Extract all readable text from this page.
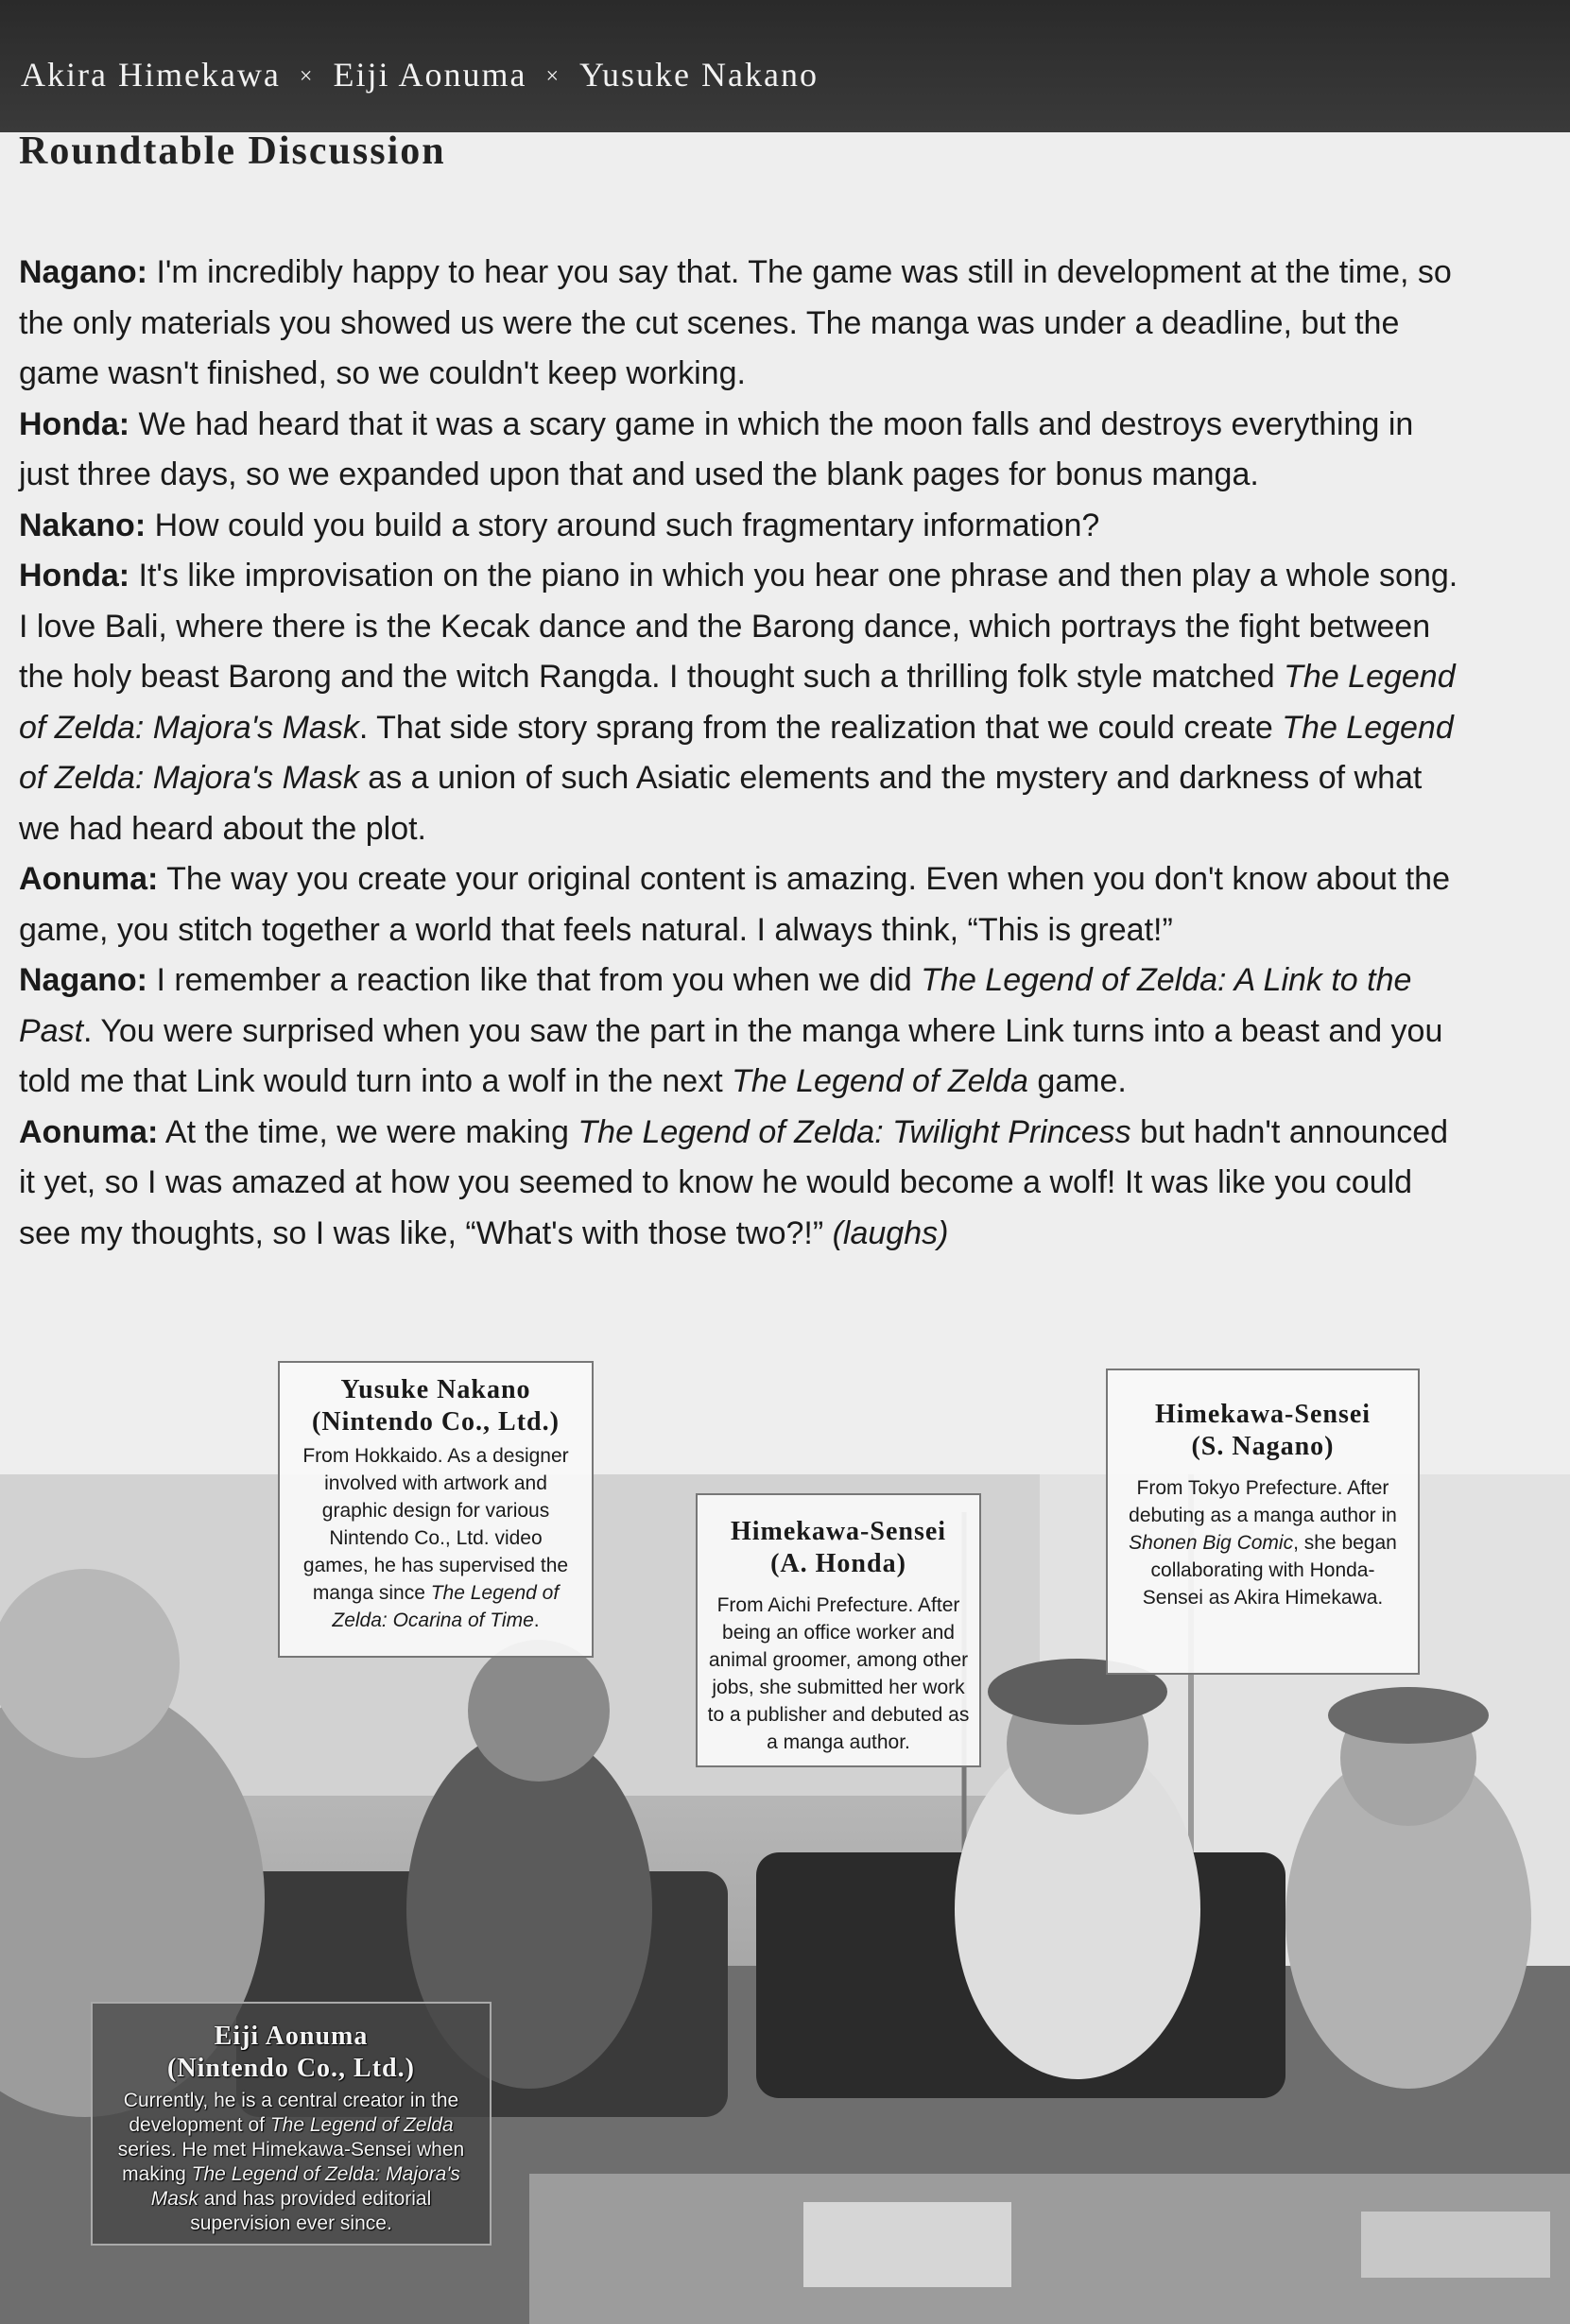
Akira Himekawa × Eiji Aonuma × Yusuke Nakano
Roundtable Discussion

Nagano: I'm incredibly happy to hear you say that. The game was still in development at the time, so the only materials you showed us were the cut scenes. The manga was under a deadline, but the game wasn't finished, so we couldn't keep working.

Honda: We had heard that it was a scary game in which the moon falls and destroys everything in just three days, so we expanded upon that and used the blank pages for bonus manga.

Nakano: How could you build a story around such fragmentary information?

Honda: It's like improvisation on the piano in which you hear one phrase and then play a whole song. I love Bali, where there is the Kecak dance and the Barong dance, which portrays the fight between the holy beast Barong and the witch Rangda. I thought such a thrilling folk style matched The Legend of Zelda: Majora's Mask. That side story sprang from the realization that we could create The Legend of Zelda: Majora's Mask as a union of such Asiatic elements and the mystery and darkness of what we had heard about the plot.

Aonuma: The way you create your original content is amazing. Even when you don't know about the game, you stitch together a world that feels natural. I always think, “This is great!”

Nagano: I remember a reaction like that from you when we did The Legend of Zelda: A Link to the Past. You were surprised when you saw the part in the manga where Link turns into a beast and you told me that Link would turn into a wolf in the next The Legend of Zelda game.

Aonuma: At the time, we were making The Legend of Zelda: Twilight Princess but hadn't announced it yet, so I was amazed at how you seemed to know he would become a wolf! It was like you could see my thoughts, so I was like, “What's with those two?!” (laughs)

Yusuke Nakano
(Nintendo Co., Ltd.)
From Hokkaido. As a designer involved with artwork and graphic design for various Nintendo Co., Ltd. video games, he has supervised the manga since The Legend of Zelda: Ocarina of Time.
Himekawa-Sensei
(A. Honda)
From Aichi Prefecture. After being an office worker and animal groomer, among other jobs, she submitted her work to a publisher and debuted as a manga author.
Himekawa-Sensei
(S. Nagano)
From Tokyo Prefecture. After debuting as a manga author in Shonen Big Comic, she began collaborating with Honda-Sensei as Akira Himekawa.
Eiji Aonuma
(Nintendo Co., Ltd.)
Currently, he is a central creator in the development of The Legend of Zelda series. He met Himekawa-Sensei when making The Legend of Zelda: Majora's Mask and has provided editorial supervision ever since.
